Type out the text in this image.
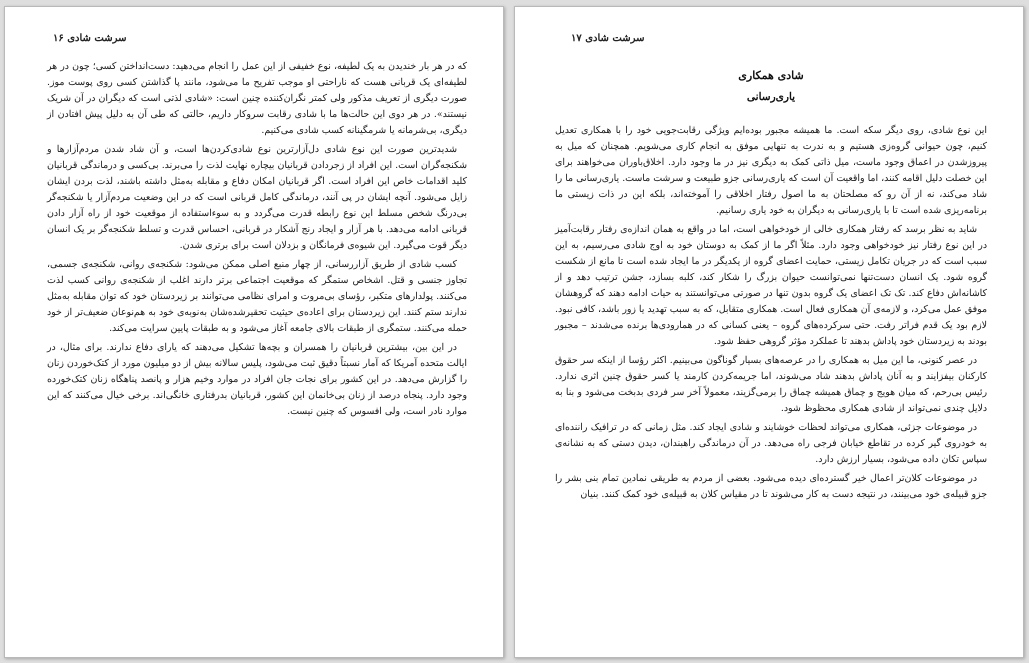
سرشت شادی ۱۶

که در هر بار خندیدن به یک لطیفه، نوع خفیفی از این عمل را انجام می‌دهید: دست‌انداختن کسی؛ چون در هر لطیفه‌ای یک قربانی هست که ناراحتی او موجب تفریح ما می‌شود، مانند پا گذاشتن کسی روی پوست موز. صورت دیگری از تعریف مذکور ولی کمتر نگران‌کننده چنین است: «شادی لذتی است که دیگران در آن شریک نیستند». در هر دوی این حالت‌ها ما با شادی رقابت سروکار داریم، حالتی که طی آن به دلیل پیش افتادن از دیگری، بی‌شرمانه یا شرمگینانه کسب شادی می‌کنیم.

شدیدترین صورت این نوع شادی دل‌آزارترین نوع شادی‌کردن‌ها است، و آن شاد شدن مردم‌آزارها و شکنجه‌گران است. این افراد از زجردادن قربانیان بیچاره نهایت لذت را می‌برند. بی‌کسی و درماندگی قربانیان کلید اقدامات خاص این افراد است. اگر قربانیان امکان دفاع و مقابله به‌مثل داشته باشند، لذت بردن ایشان زایل می‌شود. آنچه ایشان در پی آنند، درماندگی کامل قربانی است که در این وضعیت مردم‌آزار یا شکنجه‌گر بی‌درنگ شخص مسلط این نوع رابطه قدرت می‌گردد و به سوءاستفاده از موقعیت خود از راه آزار دادن قربانی ادامه می‌دهد. با هر آزار و ایجاد رنج آشکار در قربانی، احساس قدرت و تسلط شکنجه‌گر بر یک انسان دیگر قوت می‌گیرد. این شیوه‌ی فرمانگان و بزدلان است برای برتری شدن.

کسب شادی از طریق آزاررسانی، از چهار منبع اصلی ممکن می‌شود: شکنجه‌ی روانی، شکنجه‌ی جسمی، تجاوز جنسی و قتل. اشخاص ستمگر که موقعیت اجتماعی برتر دارند اغلب از شکنجه‌ی روانی کسب لذت می‌کنند. پولدارهای متکبر، رؤسای بی‌مروت و امرای نظامی می‌توانند بر زیردستان خود که توان مقابله به‌مثل ندارند ستم کنند. این زیردستان برای اعاده‌ی حیثیت تحقیرشده‌شان به‌نوبه‌ی خود به هم‌نوعان ضعیف‌تر از خود حمله می‌کنند. ستمگری از طبقات بالای جامعه آغاز می‌شود و به طبقات پایین سرایت می‌کند.

در این بین، بیشترین قربانیان را همسران و بچه‌ها تشکیل می‌دهند که یارای دفاع ندارند. برای مثال، در ایالت متحده آمریکا که آمار نسبتاً دقیق ثبت می‌شود، پلیس سالانه بیش از دو میلیون مورد از کتک‌خوردن زنان را گزارش می‌دهد. در این کشور برای نجات جان افراد در موارد وخیم هزار و پانصد پناهگاه زنان کتک‌خورده وجود دارد. پنجاه درصد از زنان بی‌خانمان این کشور، قربانیان بدرفتاری خانگی‌اند. برخی خیال می‌کنند که این موارد نادر است، ولی افسوس که چنین نیست.

سرشت شادی ۱۷
شادی همکاری
یاری‌رسانی

این نوع شادی، روی دیگر سکه است. ما همیشه مجبور بوده‌ایم ویژگی رقابت‌جویی خود را با همکاری تعدیل کنیم، چون حیوانی گروه‌زی هستیم و به ندرت به تنهایی موفق به انجام کاری می‌شویم. همچنان که میل به پیروزشدن در اعماق وجود ماست، میل ذاتی کمک به دیگری نیز در ما وجود دارد. اخلاق‌باوران می‌خواهند برای این خصلت دلیل اقامه کنند، اما واقعیت آن است که یاری‌رسانی جزو طبیعت و سرشت ماست. یاری‌رسانی ما را شاد می‌کند، نه از آن رو که مصلحتان به ما اصول رفتار اخلاقی را آموخته‌اند، بلکه این در ذات زیستی ما برنامه‌ریزی شده است تا با یاری‌رسانی به دیگران به خود یاری رسانیم.

شاید به نظر برسد که رفتار همکاری خالی از خودخواهی است، اما در واقع به همان اندازه‌ی رفتار رقابت‌آمیز در این نوع رفتار نیز خودخواهی وجود دارد. مثلاً اگر ما از کمک به دوستان خود به اوج شادی می‌رسیم، به این سبب است که در جریان تکامل زیستی، حمایت اعضای گروه از یکدیگر در ما ایجاد شده است تا مانع از شکست گروه شود. یک انسان دست‌تنها نمی‌توانست حیوان بزرگ را شکار کند، کلبه بسازد، جشن ترتیب دهد و از کاشانه‌اش دفاع کند. تک تک اعضای یک گروه بدون تنها در صورتی می‌توانستند به حیات ادامه دهند که گروهشان موفق عمل می‌کرد، و لازمه‌ی آن همکاری فعال است. همکاری متقابل، که به سبب تهدید یا زور باشد، کافی نبود. لازم بود یک قدم فراتر رفت. حتی سرکرده‌های گروه – یعنی کسانی که در همارودی‌ها برنده می‌شدند – مجبور بودند به زیردستان خود پاداش بدهند تا عملکرد مؤثر گروهی حفظ شود.

در عصر کنونی، ما این میل به همکاری را در عرصه‌های بسیار گوناگون می‌بینیم. اکثر رؤسا از اینکه سر حقوق کارکنان بیفزایند و به آنان پاداش بدهند شاد می‌شوند، اما جریمه‌کردن کارمند یا کسر حقوق چنین اثری ندارد. رئیس بی‌رحم، که میان هویج و چماق همیشه چماق را برمی‌گزیند، معمولاً آخر سر فردی بدبخت می‌شود و بنا به دلایل چندی نمی‌تواند از شادی همکاری محظوظ شود.

در موضوعات جزئی، همکاری می‌تواند لحظات خوشایند و شادی ایجاد کند. مثل زمانی که در ترافیک راننده‌ای به خودروی گیر کرده در تقاطع خیابان فرجی راه می‌دهد. در آن درماندگی راهبندان، دیدن دستی که به نشانه‌ی سپاس تکان داده می‌شود، بسیار ارزش دارد.

در موضوعات کلان‌تر اعمال خیر گسترده‌ای دیده می‌شود. بعضی از مردم به طریقی نمادین تمام بنی بشر را جزو قبیله‌ی خود می‌بینند، در نتیجه دست به کار می‌شوند تا در مقیاس کلان به قبیله‌ی خود کمک کنند. بنیان
